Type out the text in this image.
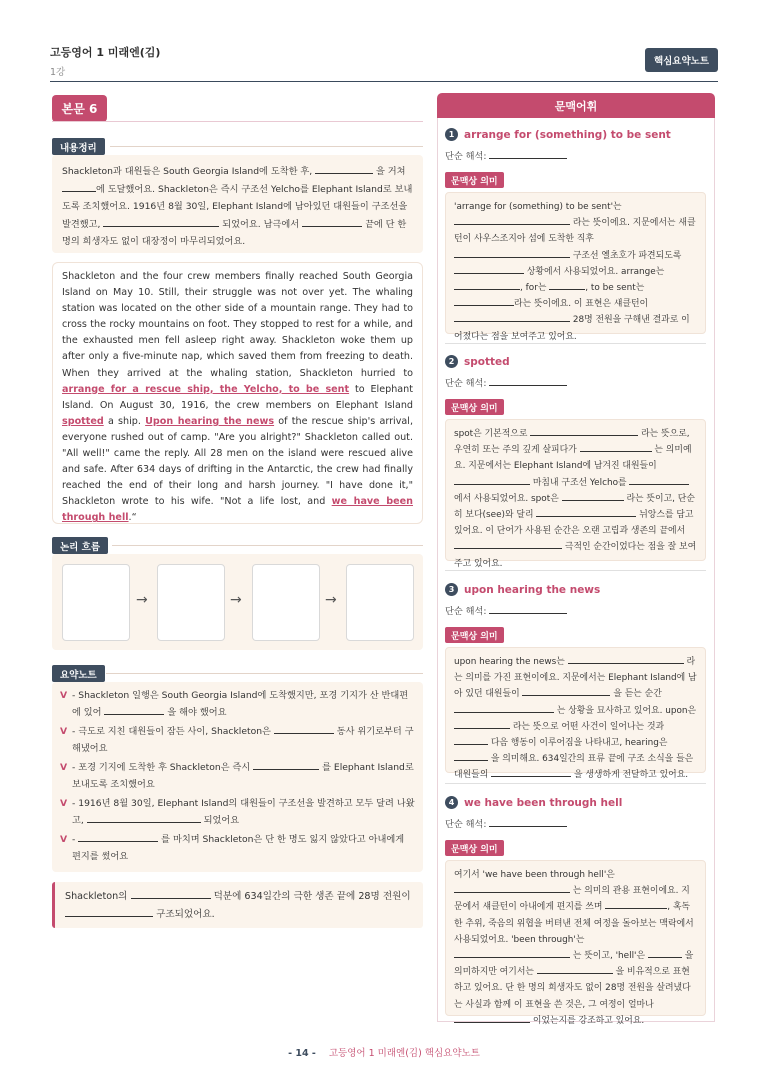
고등영어 1 미래엔(김)
1강
핵심요약노트
본문 6
내용정리
Shackleton과 대원들은 South Georgia Island에 도착한 후,	을 거쳐 에 도달했어요. Shackleton은 즉시 구조선 Yelcho를 Elephant Island로 보내도록 조치했어요. 1916년 8월 30일, Elephant Island에 남아있던 대원들이 구조선을 발견했고,	되었어요. 남극에서	끝에 단 한 명의 희생자도 없이 대장정이 마무리되었어요.
Shackleton and the four crew members finally reached South Georgia Island on May 10. Still, their struggle was not over yet. The whaling station was located on the other side of a mountain range. They had to cross the rocky mountains on foot. They stopped to rest for a while, and the exhausted men fell asleep right away. Shackleton woke them up after only a five-minute nap, which saved them from freezing to death. When they arrived at the whaling station, Shackleton hurried to arrange for a rescue ship, the Yelcho, to be sent to Elephant Island. On August 30, 1916, the crew members on Elephant Island spotted a ship. Upon hearing the news of the rescue ship's arrival, everyone rushed out of camp. "Are you alright?" Shackleton called out. "All well!" came the reply. All 28 men on the island were rescued alive and safe. After 634 days of drifting in the Antarctic, the crew had finally reached the end of their long and harsh journey. "I have done it," Shackleton wrote to his wife. "Not a life lost, and we have been through hell.“
논리 흐름
→	→	→
요약노트
V - Shackleton 일행은 South Georgia Island에 도착했지만, 포경 기지가 산 반대편에 있어	을 해야 했어요
V - 극도로 지친 대원들이 잠든 사이, Shackleton은	동사 위기로부터 구해냈어요
V - 포경 기지에 도착한 후 Shackleton은 즉시	를 Elephant Island로 보내도록 조치했어요
V - 1916년 8월 30일, Elephant Island의 대원들이 구조선을 발견하고 모두 달려 나왔고,	되었어요
V -	를 마치며 Shackleton은 단 한 명도 잃지 않았다고 아내에게 편지를 썼어요
Shackleton의	덕분에 634일간의 극한 생존 끝에 28명 전원이  구조되었어요.
문맥어휘
1 arrange for (something) to be sent
단순 해석:
문맥상 의미
'arrange for (something) to be sent'는
라는 뜻이에요. 지문에서는 새클턴이 사우스조지아 섬에 도착한 직후  구조선 옐초호가 파견되도록  상황에서 사용되었어요. arrange는 , for는	, to be sent는 라는 뜻이에요. 이 표현은 섀클턴이  28명 전원을 구해낸 결과로 이어졌다는 점을 보여주고 있어요.
2 spotted
단순 해석:
문맥상 의미
spot은 기본적으로	라는 뜻으로, 우연히 또는 주의 깊게 살피다가	는 의미예요. 지문에서는 Elephant Island에 남겨진 대원들이  마침내 구조선 Yelcho를  에서 사용되었어요. spot은	라는 뜻이고, 단순히 보다(see)와 달리	뉘앙스를 담고 있어요. 이 단어가 사용된 순간은 오랜 고립과 생존의 끝에서  극적인 순간이었다는 점을 잘 보여주고 있어요.
3 upon hearing the news
단순 해석:
문맥상 의미
upon hearing the news는	라는 의미를 가진 표현이에요. 지문에서는 Elephant Island에 남아 있던 대원들이	을 듣는 순간  는 상황을 묘사하고 있어요. upon은  라는 뜻으로 어떤 사건이 일어나는 것과  다음 행동이 이루어짐을 나타내고, hearing은  을 의미해요. 634일간의 표류 끝에 구조 소식을 들은 대원들의	을 생생하게 전달하고 있어요.
4 we have been through hell
단순 해석:
문맥상 의미
여기서 'we have been through hell'은
는 의미의 관용 표현이에요. 지문에서 섀클턴이 아내에게 편지를 쓰며	, 혹독한 추위, 죽음의 위협을 버텨낸 전체 여정을 돌아보는 맥락에서 사용되었어요. 'been through'는  는 뜻이고, 'hell'은	을 의미하지만 여기서는	을 비유적으로 표현하고 있어요. 단 한 명의 희생자도 없이 28명 전원을 살려냈다는 사실과 함께 이 표현을 쓴 것은, 그 여정이 얼마나  이었는지를 강조하고 있어요.
- 14 - 고등영어 1 미래엔(김) 핵심요약노트
